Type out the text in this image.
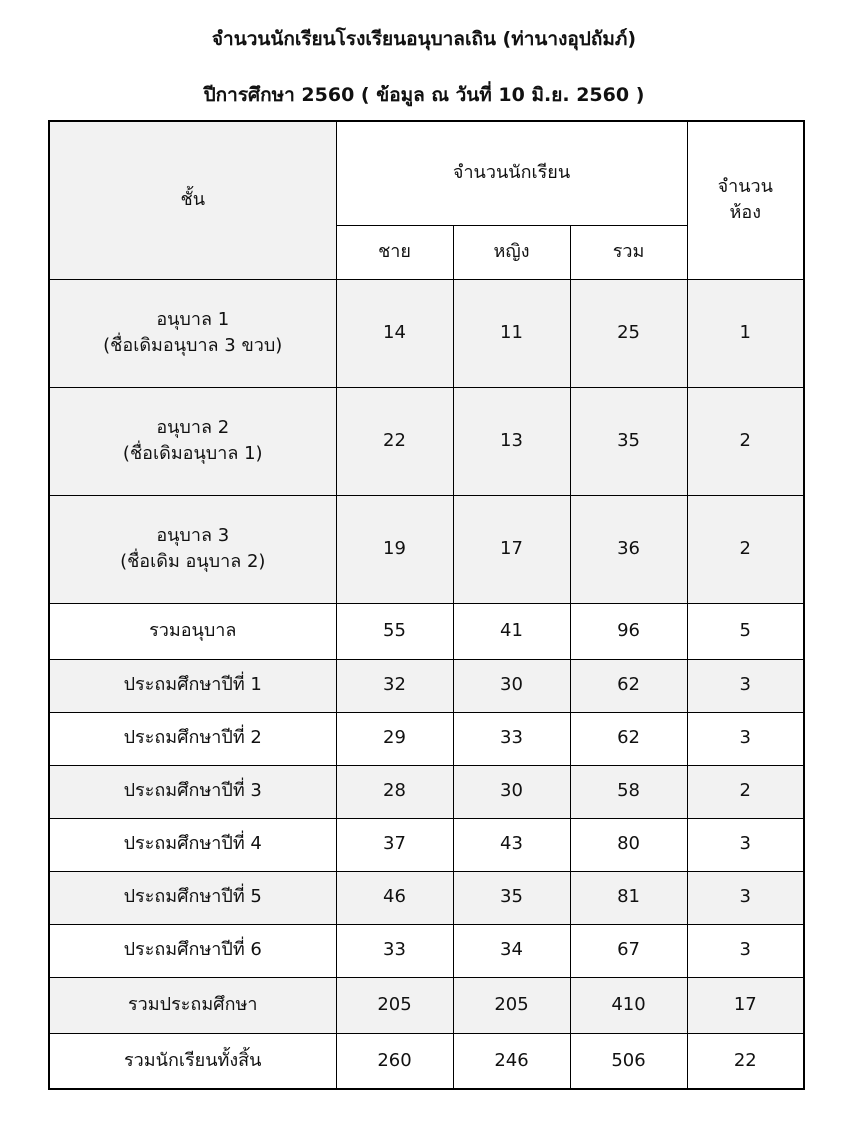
จำนวนนักเรียนโรงเรียนอนุบาลเถิน (ท่านางอุปถัมภ์)
ปีการศึกษา 2560 ( ข้อมูล ณ วันที่ 10 มิ.ย. 2560 )
ชั้น	จำนวนนักเรียน			จำนวน
ห้อง

	ชาย	หญิง	รวม	

อนุบาล 1
(ชื่อเดิมอนุบาล 3 ขวบ)	14	11	25	1

อนุบาล 2
(ชื่อเดิมอนุบาล 1)	22	13	35	2

อนุบาล 3
(ชื่อเดิม อนุบาล 2)	19	17	36	2
รวมอนุบาล	55	41	96	5
ประถมศึกษาปีที่ 1	32	30	62	3
ประถมศึกษาปีที่ 2	29	33	62	3
ประถมศึกษาปีที่ 3	28	30	58	2
ประถมศึกษาปีที่ 4	37	43	80	3
ประถมศึกษาปีที่ 5	46	35	81	3
ประถมศึกษาปีที่ 6	33	34	67	3
รวมประถมศึกษา	205	205	410	17
รวมนักเรียนทั้งสิ้น	260	246	506	22
